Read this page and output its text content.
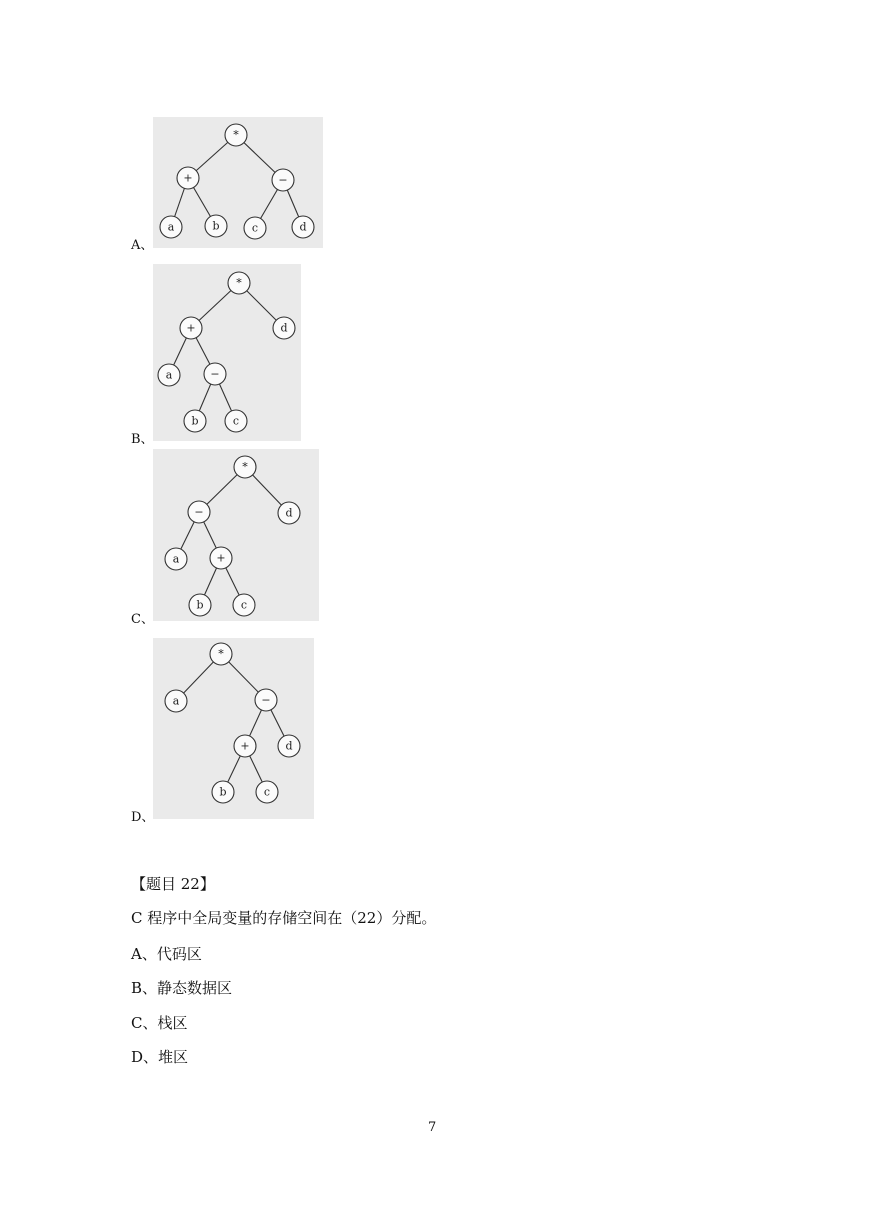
*
+	−
a	b	c	d
A、
*
+	d
a	−
b	c
B、
*
−	d
a	+
b	c
C、
*
a	−
+	d
b	c
D、
【题目 22】
C 程序中全局变量的存储空间在（22）分配。
A、代码区
B、静态数据区
C、栈区
D、堆区
7
